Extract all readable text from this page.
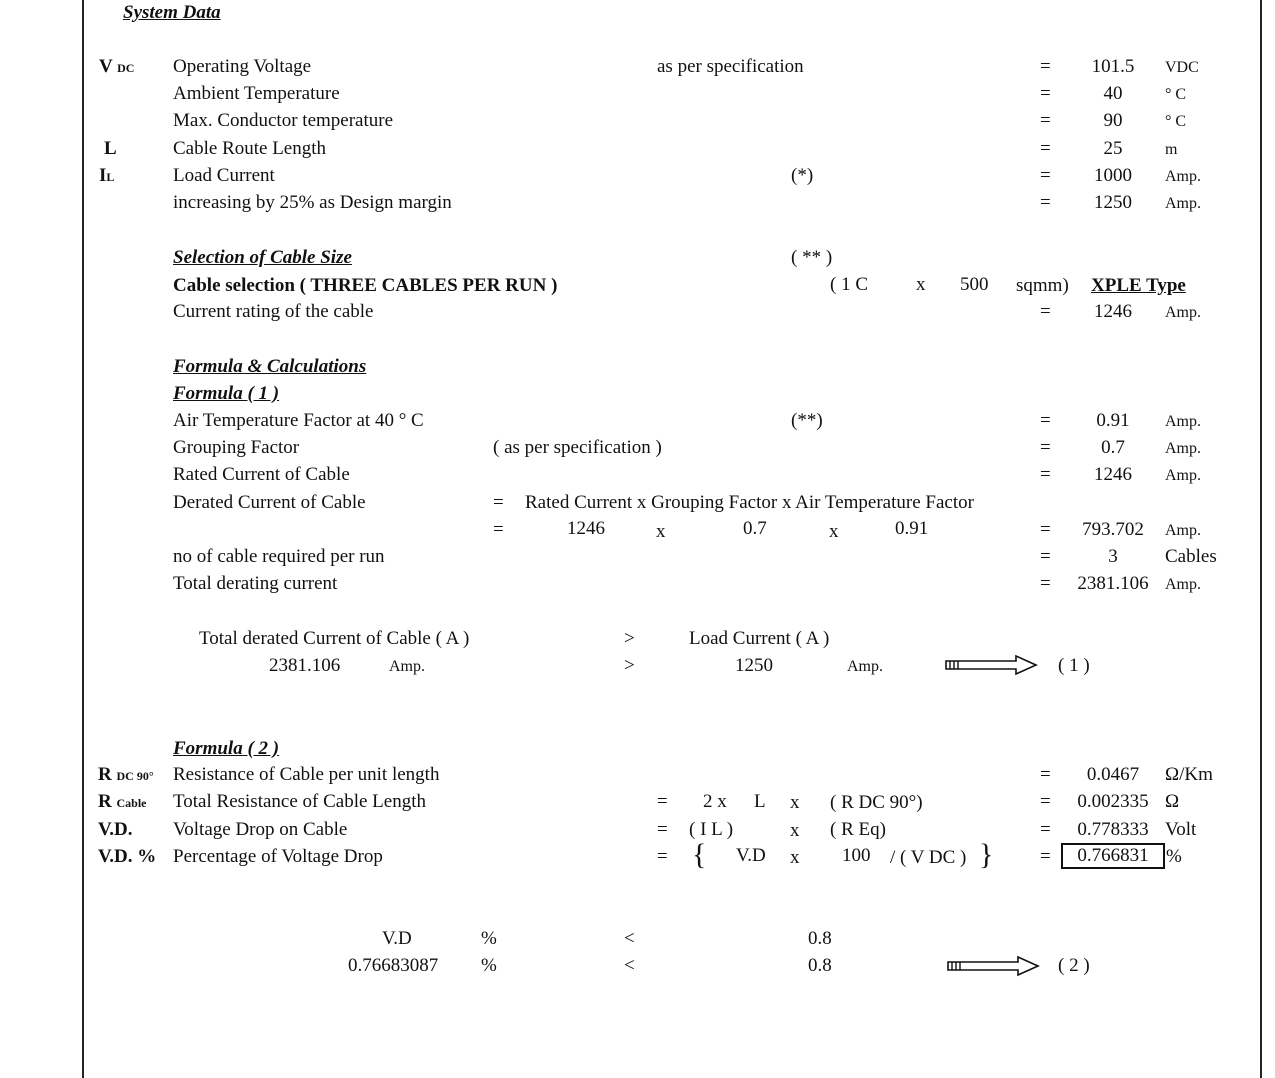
System Data
V DC Operating Voltage	as per specification	=	101.5	VDC
Ambient Temperature	=	40	° C
Max. Conductor temperature	=	90	° C
L	Cable Route Length	=	25	m
IL	Load Current	(*)	=	1000	Amp.
increasing by 25% as Design margin	=	1250	Amp.
Selection of Cable Size	( ** )
Cable selection ( THREE CABLES PER RUN )	( 1 C	x 500 sqmm) XPLE Type
Current rating of the cable	=	1246	Amp.
Formula & Calculations
Formula ( 1 )
Air Temperature Factor at 40 ° C	(**)	=	0.91	Amp.
Grouping Factor	( as per specification )	=	0.7	Amp.
Rated Current of Cable	=	1246	Amp.
Derated Current of Cable	= Rated Current x Grouping Factor x Air Temperature Factor
=	1246	x	0.7	x	0.91	=	793.702	Amp.
no of cable required per run	=	3	Cables
Total derating current	=	2381.106	Amp.
Total derated Current of Cable ( A )	>	Load Current ( A )
2381.106	Amp.	>	1250	Amp.	( 1 )
Formula ( 2 )
R DC 90° Resistance of Cable per unit length	=	0.0467	Ω/Km
R Cable Total Resistance of Cable Length	= 2 x L x ( R DC 90°)	=	0.002335 Ω
V.D. Voltage Drop on Cable	= ( I L )	x ( R Eq)	=	0.778333 Volt
V.D. % Percentage of Voltage Drop	= { V.D x 100 / ( V DC ) } =	0.766831 %
V.D	%	<	0.8
0.76683087 %	<	0.8	( 2 )
